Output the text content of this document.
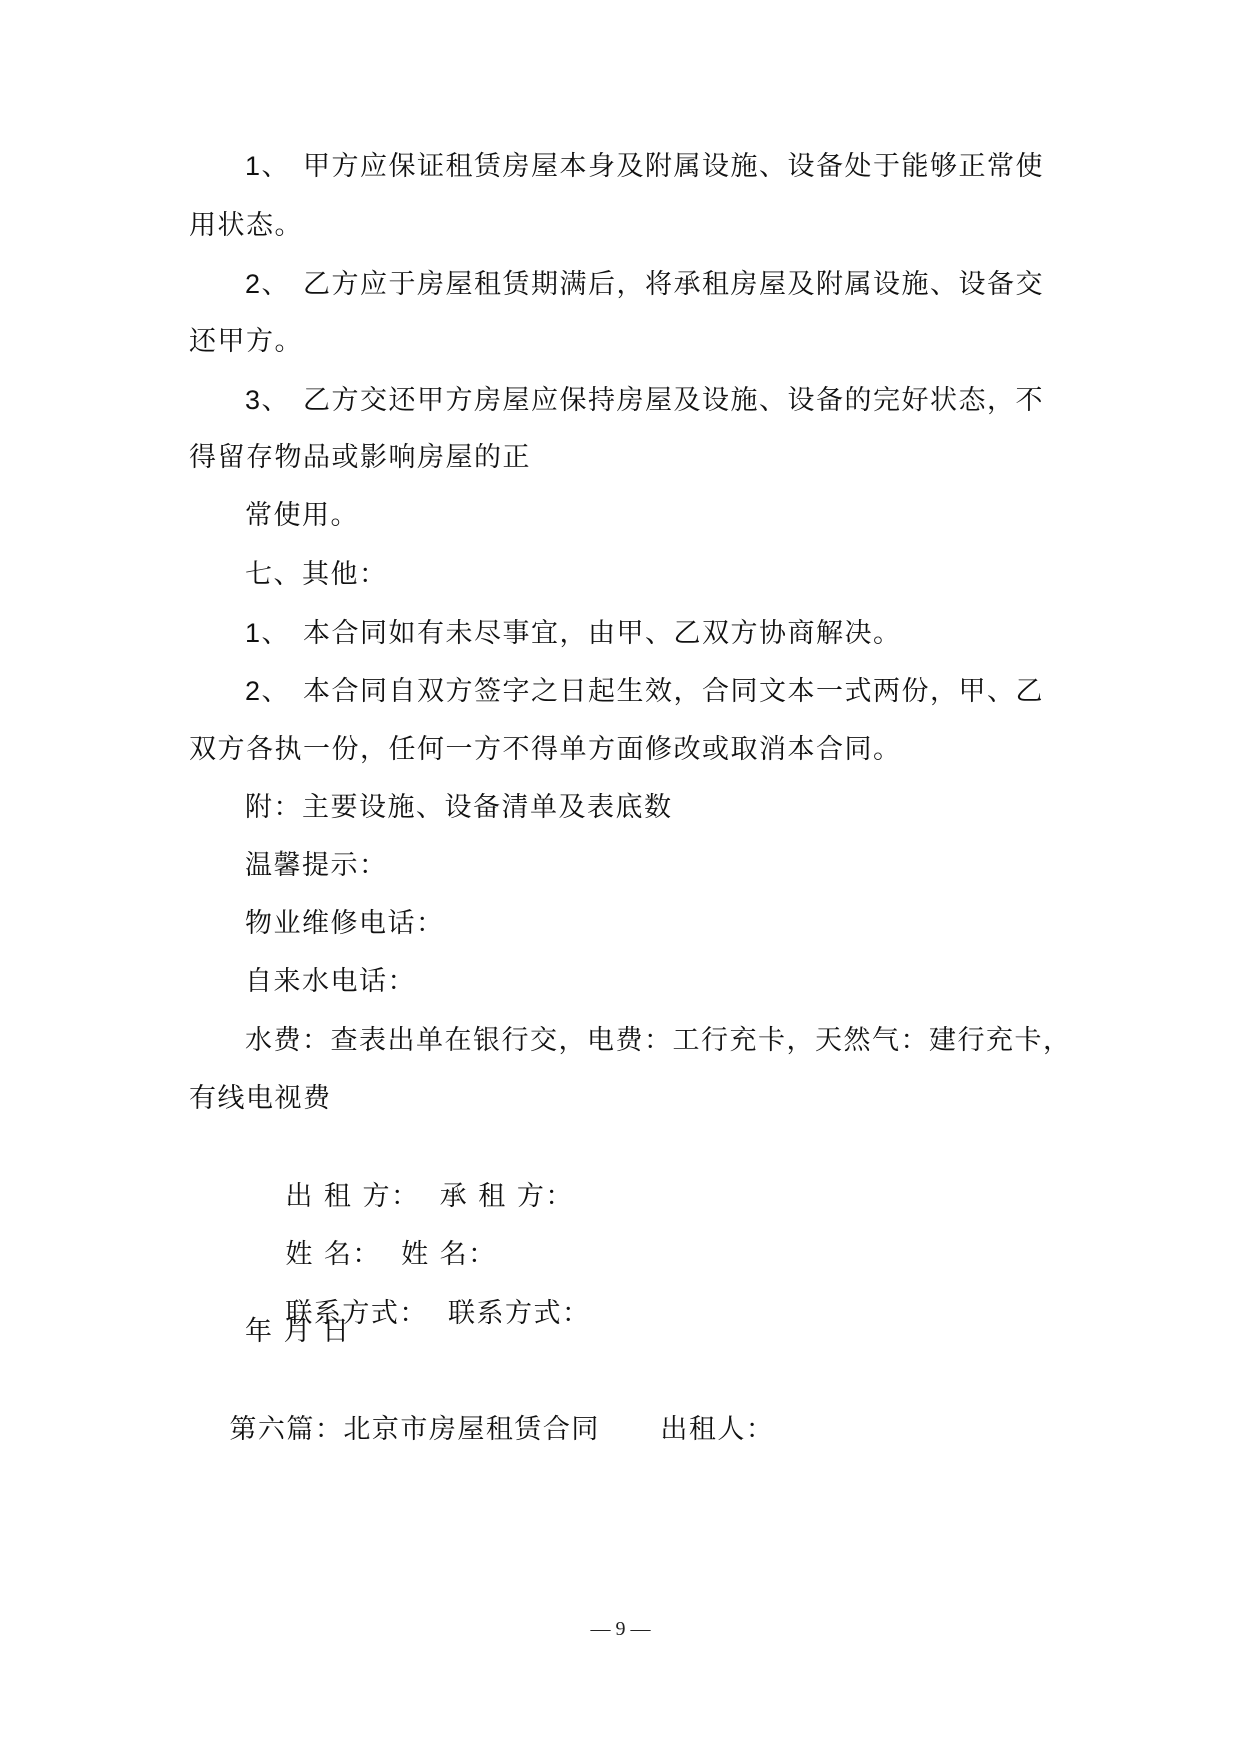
1、 甲方应保证租赁房屋本身及附属设施、设备处于能够正常使
用状态。
2、 乙方应于房屋租赁期满后，将承租房屋及附属设施、设备交
还甲方。
3、 乙方交还甲方房屋应保持房屋及设施、设备的完好状态，不
得留存物品或影响房屋的正
常使用。
七、其他：
1、 本合同如有未尽事宜，由甲、乙双方协商解决。
2、 本合同自双方签字之日起生效，合同文本一式两份，甲、乙
双方各执一份，任何一方不得单方面修改或取消本合同。
附：主要设施、设备清单及表底数
温馨提示：
物业维修电话：
自来水电话：
水费：查表出单在银行交，电费：工行充卡，天然气：建行充卡，
有线电视费

出 租 方：  承 租 方：

姓 名：  姓 名：

联系方式：  联系方式：

年 月 日

第六篇：北京市房屋租赁合同      出租人：

— 9 —
